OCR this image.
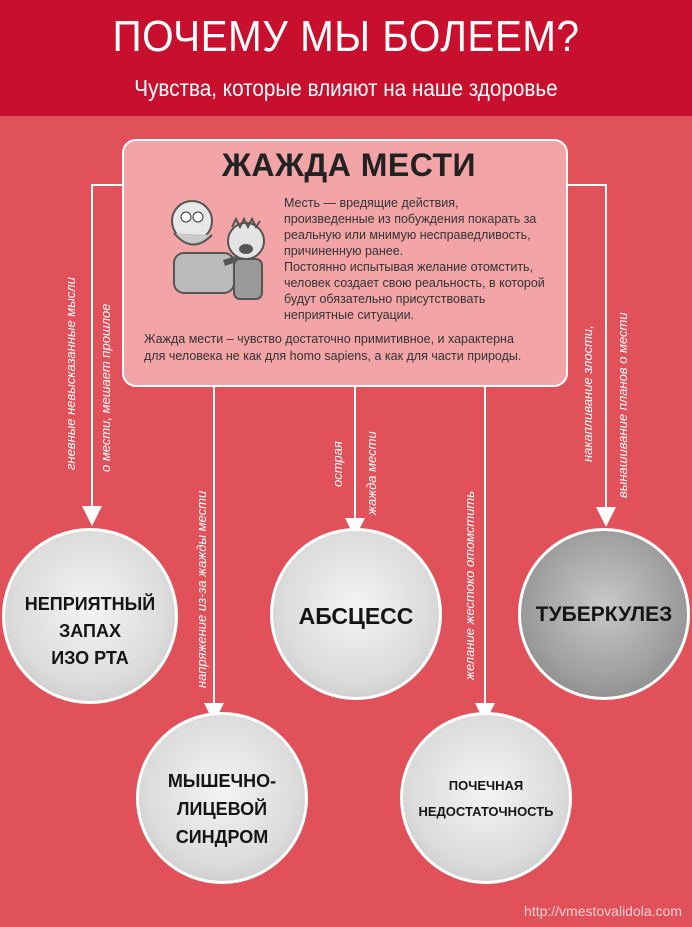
ПОЧЕМУ МЫ БОЛЕЕМ?
Чувства, которые влияют на наше здоровье
ЖАЖДА МЕСТИ
Месть — вредящие действия,
произведенные из побуждения покарать за
реальную или мнимую несправедливость,
причиненную ранее.
Постоянно испытывая желание отомстить,
человек создает свою реальность, в которой
будут обязательно присутствовать
неприятные ситуации.
Жажда мести – чувство достаточно примитивное, и характерна
для человека не как для homo sapiens, а как для части природы.
гневные невысказанные мысли о мести, мешает прошлое
напряжение из-за жажды мести
острая жажда мести
желание жестоко отомстить
накапливание злости, вынашивание планов о мести
НЕПРИЯТНЫЙ
ЗАПАХ
ИЗО РТА
АБСЦЕСС	ТУБЕРКУЛЕЗ
МЫШЕЧНО-
ЛИЦЕВОЙ
СИНДРОМ
ПОЧЕЧНАЯ
НЕДОСТАТОЧНОСТЬ
http://vmestovalidola.com
